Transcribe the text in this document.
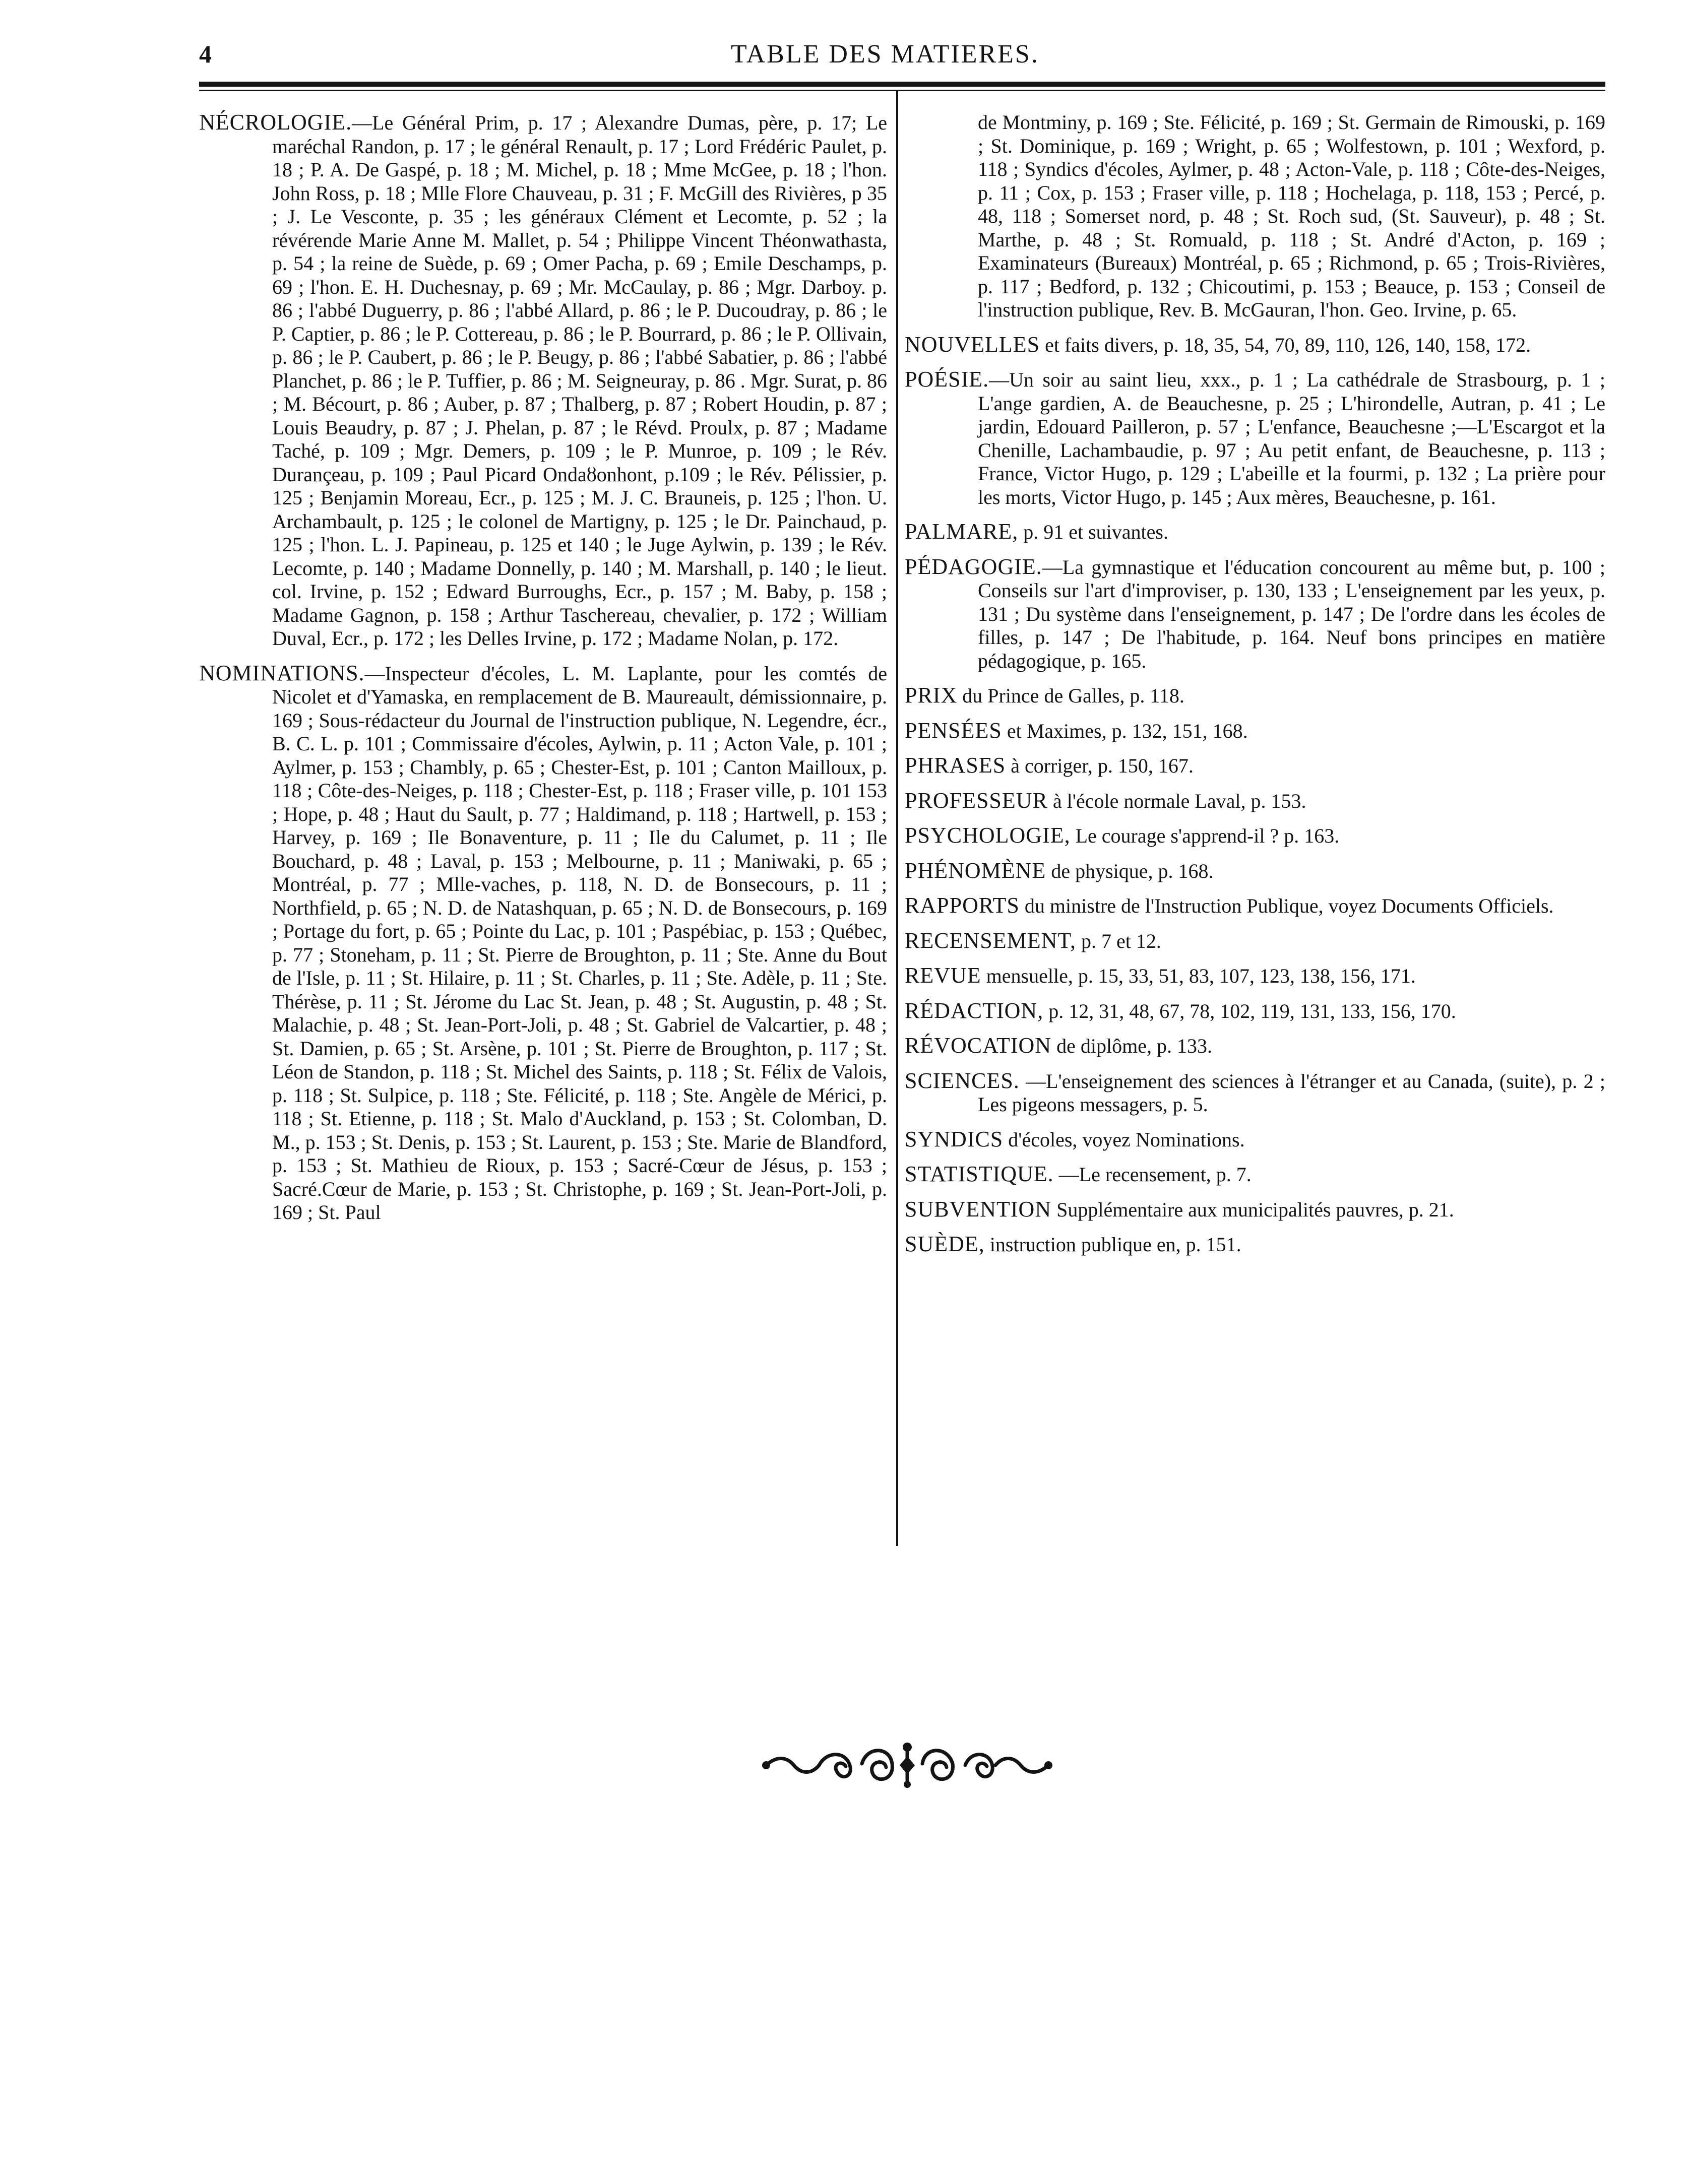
4	TABLE DES MATIERES.

NÉCROLOGIE.—Le Général Prim, p. 17 ; Alexandre Dumas, père, p. 17; Le maréchal Randon, p. 17 ; le général Renault, p. 17 ; Lord Frédéric Paulet, p. 18 ; P. A. De Gaspé, p. 18 ; M. Michel, p. 18 ; Mme McGee, p. 18 ; l'hon. John Ross, p. 18 ; Mlle Flore Chauveau, p. 31 ; F. McGill des Rivières, p 35 ; J. Le Vesconte, p. 35 ; les généraux Clément et Lecomte, p. 52 ; la révérende Marie Anne M. Mallet, p. 54 ; Philippe Vincent Théonwathasta, p. 54 ; la reine de Suède, p. 69 ; Omer Pacha, p. 69 ; Emile Deschamps, p. 69 ; l'hon. E. H. Duchesnay, p. 69 ; Mr. McCaulay, p. 86 ; Mgr. Darboy. p. 86 ; l'abbé Duguerry, p. 86 ; l'abbé Allard, p. 86 ; le P. Ducoudray, p. 86 ; le P. Captier, p. 86 ; le P. Cottereau, p. 86 ; le P. Bourrard, p. 86 ; le P. Ollivain, p. 86 ; le P. Caubert, p. 86 ; le P. Beugy, p. 86 ; l'abbé Sabatier, p. 86 ; l'abbé Planchet, p. 86 ; le P. Tuffier, p. 86 ; M. Seigneuray, p. 86 . Mgr. Surat, p. 86 ; M. Bécourt, p. 86 ; Auber, p. 87 ; Thalberg, p. 87 ; Robert Houdin, p. 87 ; Louis Beaudry, p. 87 ; J. Phelan, p. 87 ; le Révd. Proulx, p. 87 ; Madame Taché, p. 109 ; Mgr. Demers, p. 109 ; le P. Munroe, p. 109 ; le Rév. Durançeau, p. 109 ; Paul Picard Ondaȣonhont, p.109 ; le Rév. Pélissier, p. 125 ; Benjamin Moreau, Ecr., p. 125 ; M. J. C. Brauneis, p. 125 ; l'hon. U. Archambault, p. 125 ; le colonel de Martigny, p. 125 ; le Dr. Painchaud, p. 125 ; l'hon. L. J. Papineau, p. 125 et 140 ; le Juge Aylwin, p. 139 ; le Rév. Lecomte, p. 140 ; Madame Donnelly, p. 140 ; M. Marshall, p. 140 ; le lieut. col. Irvine, p. 152 ; Edward Burroughs, Ecr., p. 157 ; M. Baby, p. 158 ; Madame Gagnon, p. 158 ; Arthur Taschereau, chevalier, p. 172 ; William Duval, Ecr., p. 172 ; les Delles Irvine, p. 172 ; Madame Nolan, p. 172.

NOMINATIONS.—Inspecteur d'écoles, L. M. Laplante, pour les comtés de Nicolet et d'Yamaska, en remplacement de B. Maureault, démissionnaire, p. 169 ; Sous-rédacteur du Journal de l'instruction publique, N. Legendre, écr., B. C. L. p. 101 ; Commissaire d'écoles, Aylwin, p. 11 ; Acton Vale, p. 101 ; Aylmer, p. 153 ; Chambly, p. 65 ; Chester-Est, p. 101 ; Canton Mailloux, p. 118 ; Côte-des-Neiges, p. 118 ; Chester-Est, p. 118 ; Fraser ville, p. 101 153 ; Hope, p. 48 ; Haut du Sault, p. 77 ; Haldimand, p. 118 ; Hartwell, p. 153 ; Harvey, p. 169 ; Ile Bonaventure, p. 11 ; Ile du Calumet, p. 11 ; Ile Bouchard, p. 48 ; Laval, p. 153 ; Melbourne, p. 11 ; Maniwaki, p. 65 ; Montréal, p. 77 ; Mlle-vaches, p. 118, N. D. de Bonsecours, p. 11 ; Northfield, p. 65 ; N. D. de Natashquan, p. 65 ; N. D. de Bonsecours, p. 169 ; Portage du fort, p. 65 ; Pointe du Lac, p. 101 ; Paspébiac, p. 153 ; Québec, p. 77 ; Stoneham, p. 11 ; St. Pierre de Broughton, p. 11 ; Ste. Anne du Bout de l'Isle, p. 11 ; St. Hilaire, p. 11 ; St. Charles, p. 11 ; Ste. Adèle, p. 11 ; Ste. Thérèse, p. 11 ; St. Jérome du Lac St. Jean, p. 48 ; St. Augustin, p. 48 ; St. Malachie, p. 48 ; St. Jean-Port-Joli, p. 48 ; St. Gabriel de Valcartier, p. 48 ; St. Damien, p. 65 ; St. Arsène, p. 101 ; St. Pierre de Broughton, p. 117 ; St. Léon de Standon, p. 118 ; St. Michel des Saints, p. 118 ; St. Félix de Valois, p. 118 ; St. Sulpice, p. 118 ; Ste. Félicité, p. 118 ; Ste. Angèle de Mérici, p. 118 ; St. Etienne, p. 118 ; St. Malo d'Auckland, p. 153 ; St. Colomban, D. M., p. 153 ; St. Denis, p. 153 ; St. Laurent, p. 153 ; Ste. Marie de Blandford, p. 153 ; St. Mathieu de Rioux, p. 153 ; Sacré-Cœur de Jésus, p. 153 ; Sacré.Cœur de Marie, p. 153 ; St. Christophe, p. 169 ; St. Jean-Port-Joli, p. 169 ; St. Paul

de Montminy, p. 169 ; Ste. Félicité, p. 169 ; St. Germain de Rimouski, p. 169 ; St. Dominique, p. 169 ; Wright, p. 65 ; Wolfestown, p. 101 ; Wexford, p. 118 ; Syndics d'écoles, Aylmer, p. 48 ; Acton-Vale, p. 118 ; Côte-des-Neiges, p. 11 ; Cox, p. 153 ; Fraser ville, p. 118 ; Hochelaga, p. 118, 153 ; Percé, p. 48, 118 ; Somerset nord, p. 48 ; St. Roch sud, (St. Sauveur), p. 48 ; St. Marthe, p. 48 ; St. Romuald, p. 118 ; St. André d'Acton, p. 169 ; Examinateurs (Bureaux) Montréal, p. 65 ; Richmond, p. 65 ; Trois-Rivières, p. 117 ; Bedford, p. 132 ; Chicoutimi, p. 153 ; Beauce, p. 153 ; Conseil de l'instruction publique, Rev. B. McGauran, l'hon. Geo. Irvine, p. 65.

NOUVELLES et faits divers, p. 18, 35, 54, 70, 89, 110, 126, 140, 158, 172.

POÉSIE.—Un soir au saint lieu, xxx., p. 1 ; La cathédrale de Strasbourg, p. 1 ; L'ange gardien, A. de Beauchesne, p. 25 ; L'hirondelle, Autran, p. 41 ; Le jardin, Edouard Pailleron, p. 57 ; L'enfance, Beauchesne ;—L'Escargot et la Chenille, Lachambaudie, p. 97 ; Au petit enfant, de Beauchesne, p. 113 ; France, Victor Hugo, p. 129 ; L'abeille et la fourmi, p. 132 ; La prière pour les morts, Victor Hugo, p. 145 ; Aux mères, Beauchesne, p. 161.

PALMARE, p. 91 et suivantes.

PÉDAGOGIE.—La gymnastique et l'éducation concourent au même but, p. 100 ; Conseils sur l'art d'improviser, p. 130, 133 ; L'enseignement par les yeux, p. 131 ; Du système dans l'enseignement, p. 147 ; De l'ordre dans les écoles de filles, p. 147 ; De l'habitude, p. 164. Neuf bons principes en matière pédagogique, p. 165.

PRIX du Prince de Galles, p. 118.

PENSÉES et Maximes, p. 132, 151, 168.

PHRASES à corriger, p. 150, 167.

PROFESSEUR à l'école normale Laval, p. 153.

PSYCHOLOGIE, Le courage s'apprend-il ? p. 163.

PHÉNOMÈNE de physique, p. 168.

RAPPORTS du ministre de l'Instruction Publique, voyez Documents Officiels.

RECENSEMENT, p. 7 et 12.

REVUE mensuelle, p. 15, 33, 51, 83, 107, 123, 138, 156, 171.

RÉDACTION, p. 12, 31, 48, 67, 78, 102, 119, 131, 133, 156, 170.

RÉVOCATION de diplôme, p. 133.

SCIENCES. —L'enseignement des sciences à l'étranger et au Canada, (suite), p. 2 ; Les pigeons messagers, p. 5.

SYNDICS d'écoles, voyez Nominations.

STATISTIQUE. —Le recensement, p. 7.

SUBVENTION Supplémentaire aux municipalités pauvres, p. 21.

SUÈDE, instruction publique en, p. 151.
